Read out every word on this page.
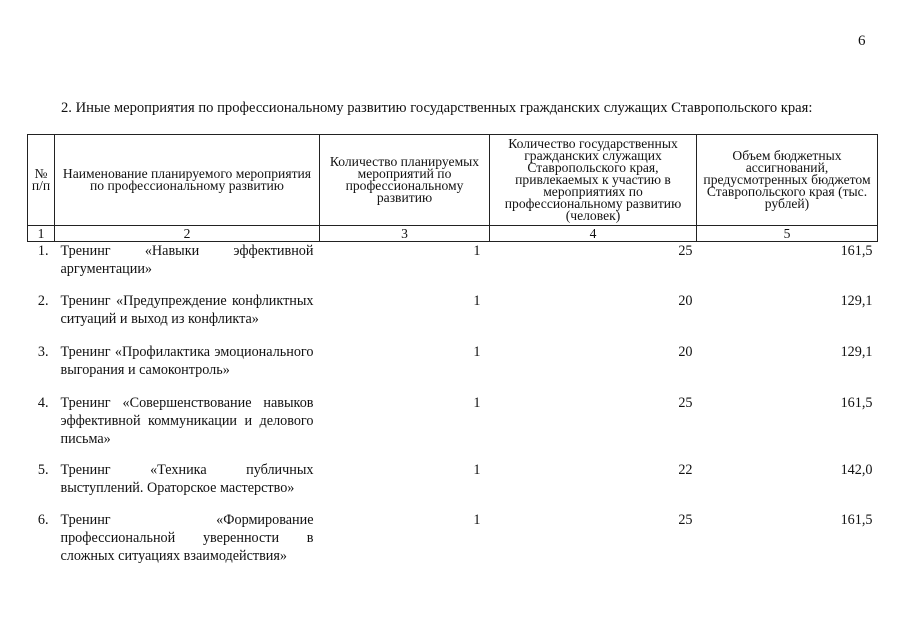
6
2. Иные мероприятия по профессиональному развитию государственных гражданских служащих Ставропольского края:
№ п/п	Наименование планируемого мероприятия по профессиональному развитию	Количество планируемых мероприятий по профессиональному развитию	Количество государственных гражданских служащих Ставропольского края, привлекаемых к участию в мероприятиях по профессиональному развитию (человек)	Объем бюджетных ассигнований, предусмотренных бюджетом Ставропольского края (тыс. рублей)
1	2	3	4	5
1.	Тренинг «Навыки эффективной аргументации»	1	25	161,5
2.	Тренинг «Предупреждение конфликтных ситуаций и выход из конфликта»	1	20	129,1
3.	Тренинг «Профилактика эмоционального выгорания и самоконтроль»	1	20	129,1
4.	Тренинг «Совершенствование навыков эффективной коммуникации и делового письма»	1	25	161,5
5.	Тренинг «Техника публичных выступлений. Ораторское мастерство»	1	22	142,0
6.	Тренинг «Формирование профессиональной уверенности в сложных ситуациях взаимодействия»	1	25	161,5
